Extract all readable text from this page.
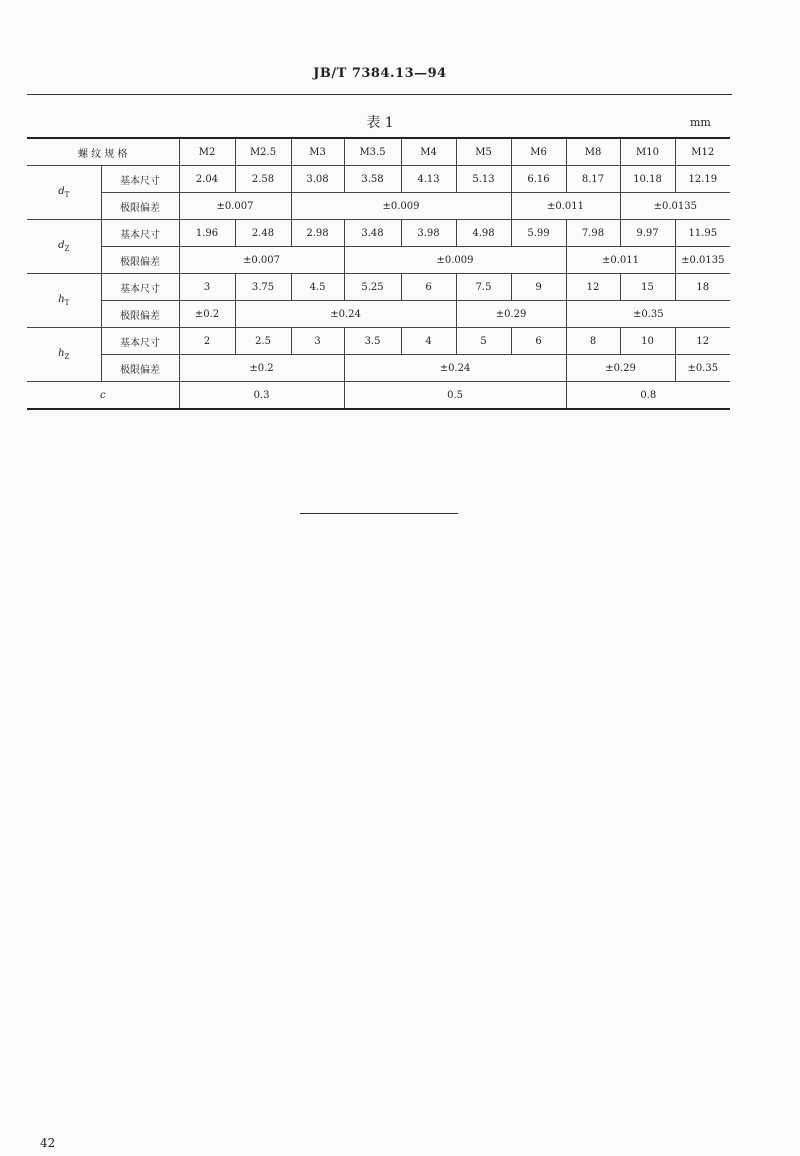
JB/T 7384.13—94
表 1	mm
螺 纹 规 格		M2	M2.5	M3	M3.5	M4	M5	M6	M8	M10	M12
$d_T$	基本尺寸	2.04	2.58	3.08	3.58	4.13	5.13	6.16	8.17	10.18	12.19
	极限偏差	±0.007		±0.009				±0.011		±0.0135	
$d_Z$	基本尺寸	1.96	2.48	2.98	3.48	3.98	4.98	5.99	7.98	9.97	11.95
	极限偏差	±0.007			±0.009				±0.011		±0.0135
$h_T$	基本尺寸	3	3.75	4.5	5.25	6	7.5	9	12	15	18
	极限偏差	±0.2	±0.24				±0.29		±0.35		
$h_Z$	基本尺寸	2	2.5	3	3.5	4	5	6	8	10	12
	极限偏差	±0.2			±0.24				±0.29		±0.35
c		0.3			0.5				0.8		
42
